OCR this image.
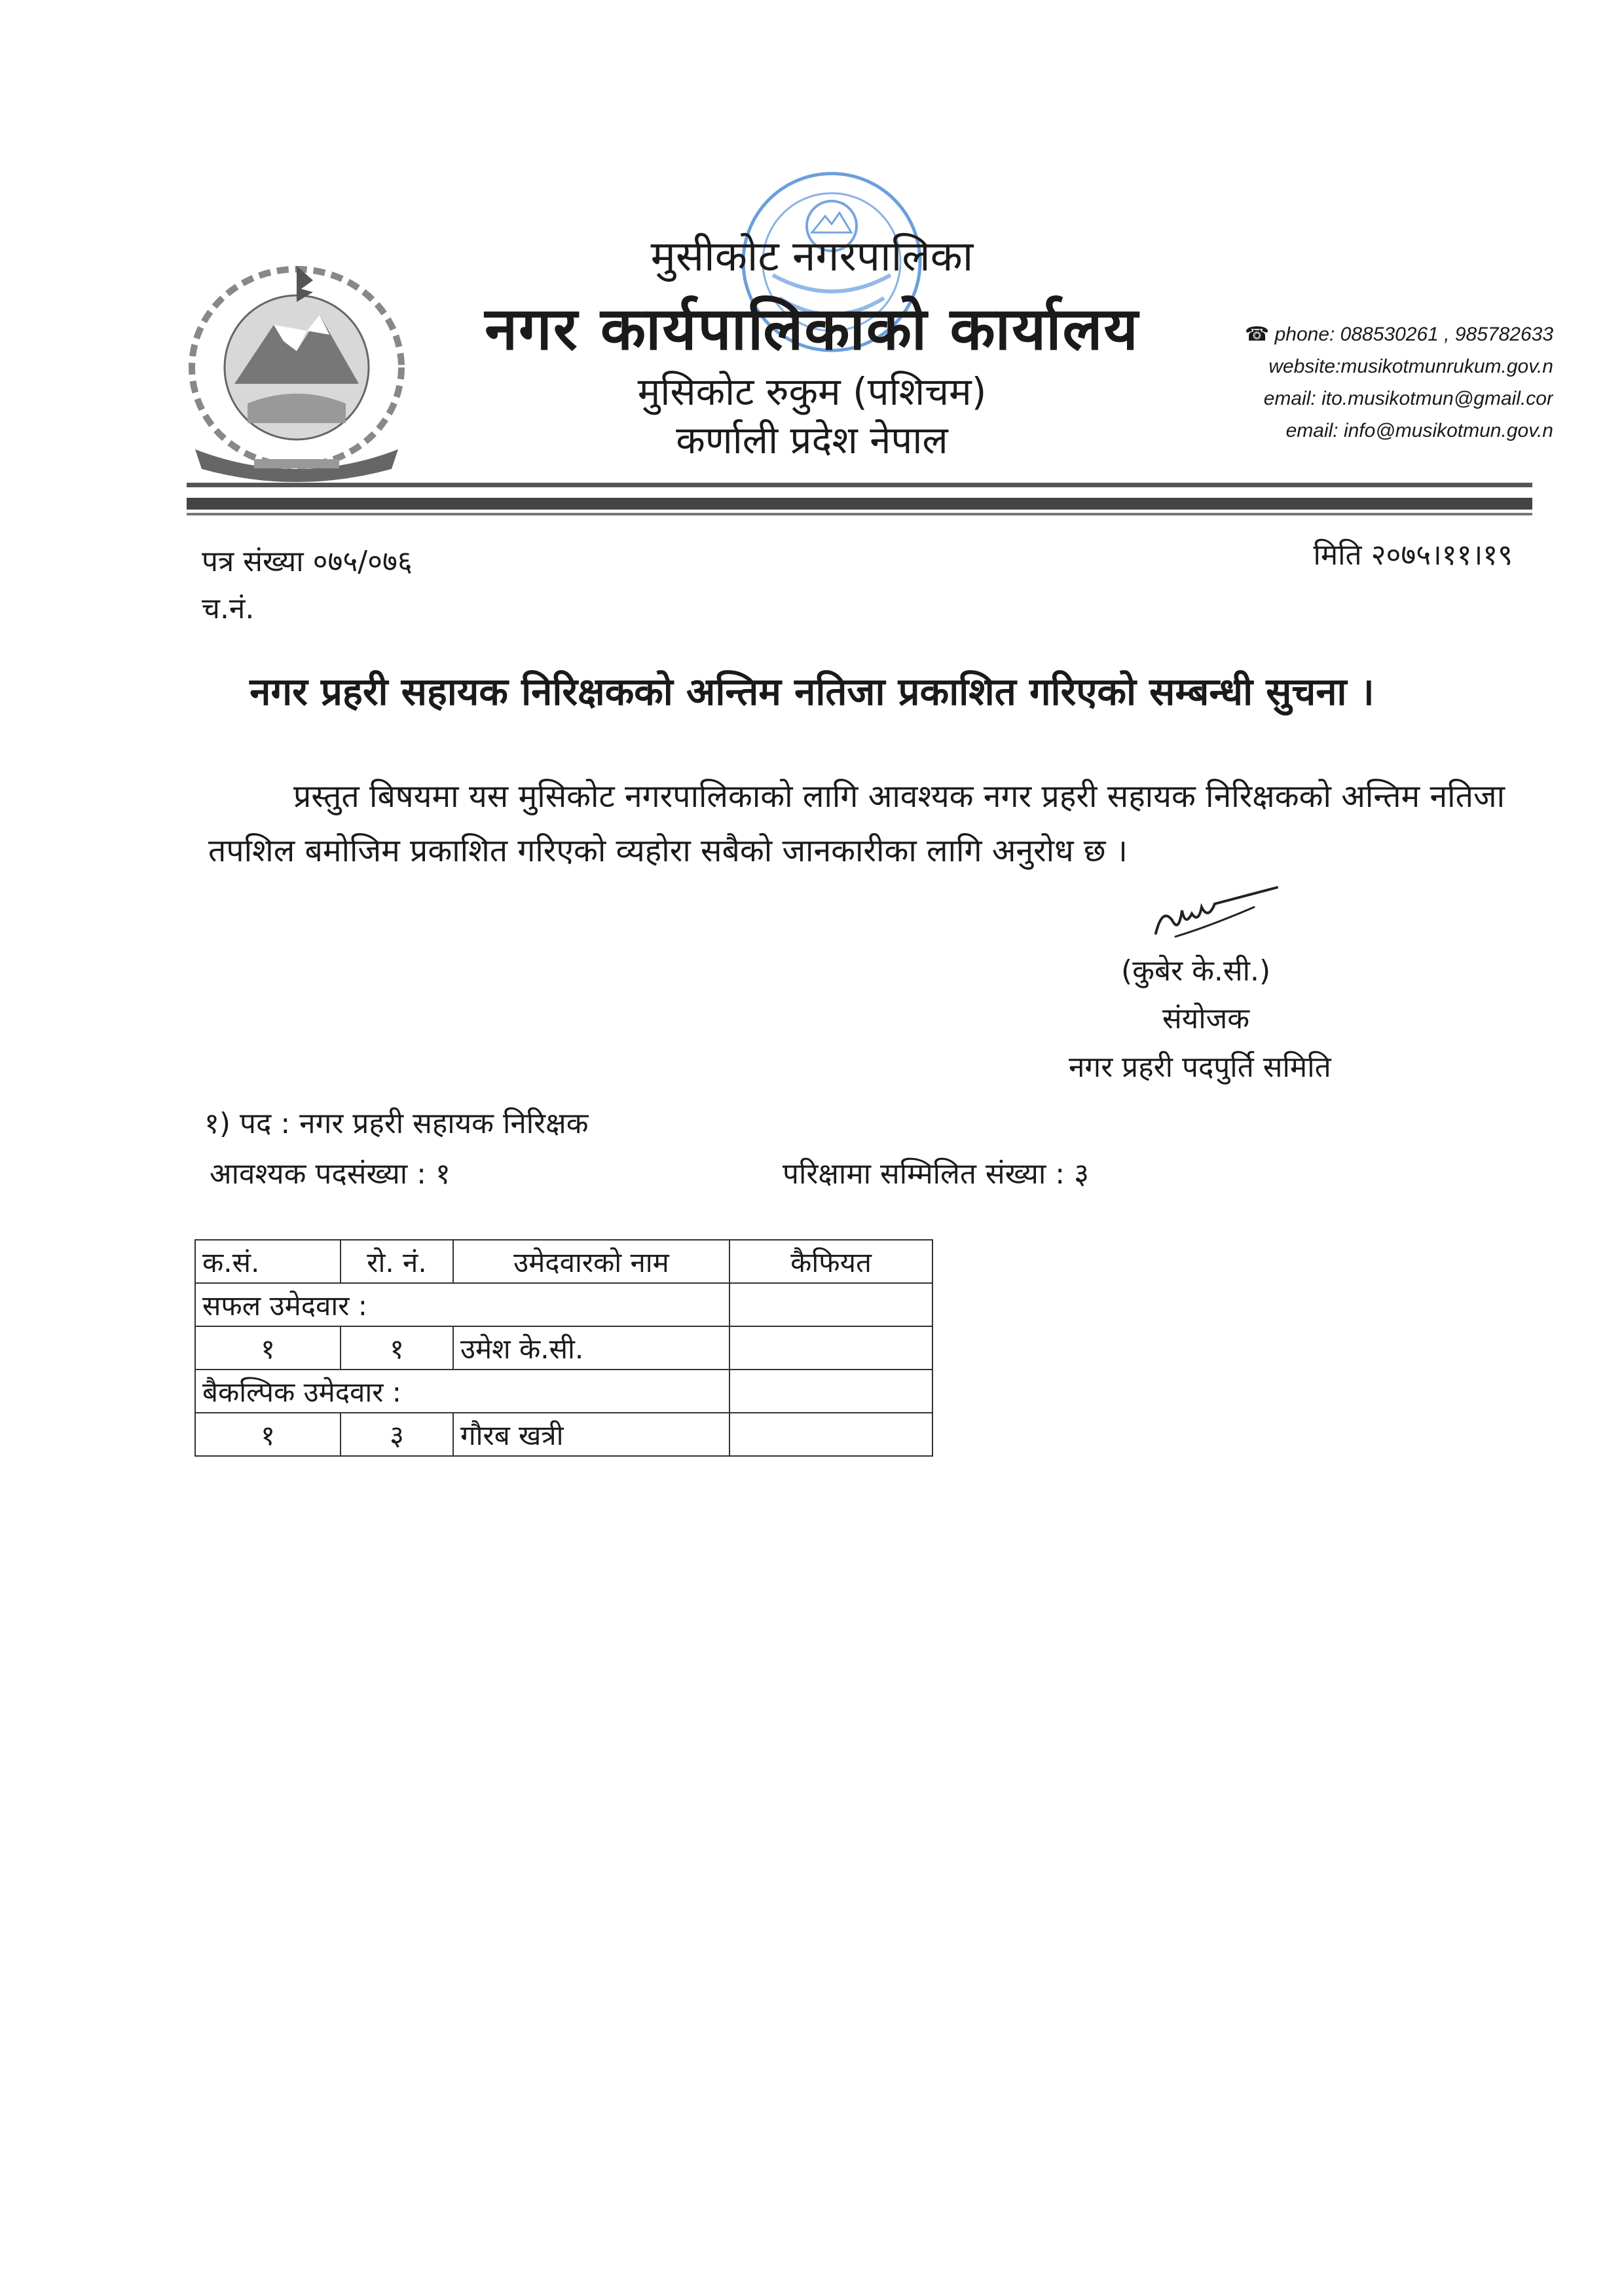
मुसीकोट नगरपालिका
नगर कार्यपालिकाको कार्यालय
मुसिकोट रुकुम (पशिचम)
कर्णाली प्रदेश नेपाल
☎ phone: 088530261 , 985782633
website:musikotmunrukum.gov.n
email: ito.musikotmun@gmail.cor
email: info@musikotmun.gov.n
पत्र संख्या ०७५/०७६
च.नं.
मिति २०७५।११।१९
नगर प्रहरी सहायक निरिक्षकको अन्तिम नतिजा प्रकाशित गरिएको सम्बन्धी सुचना ।
प्रस्तुत बिषयमा यस मुसिकोट नगरपालिकाको लागि आवश्यक नगर प्रहरी सहायक निरिक्षकको अन्तिम नतिजा तपशिल बमोजिम प्रकाशित गरिएको व्यहोरा सबैको जानकारीका लागि अनुरोध छ ।
(कुबेर के.सी.)
संयोजक
नगर प्रहरी पदपुर्ति समिति
१) पद : नगर प्रहरी सहायक निरिक्षक
आवश्यक पदसंख्या : १	परिक्षामा सम्मिलित संख्या : ३
क.सं.	रो. नं.	उमेदवारको नाम	कैफियत
सफल उमेदवार :			
१	१	उमेश के.सी.	
बैकल्पिक उमेदवार :			
१	३	गौरब खत्री	
